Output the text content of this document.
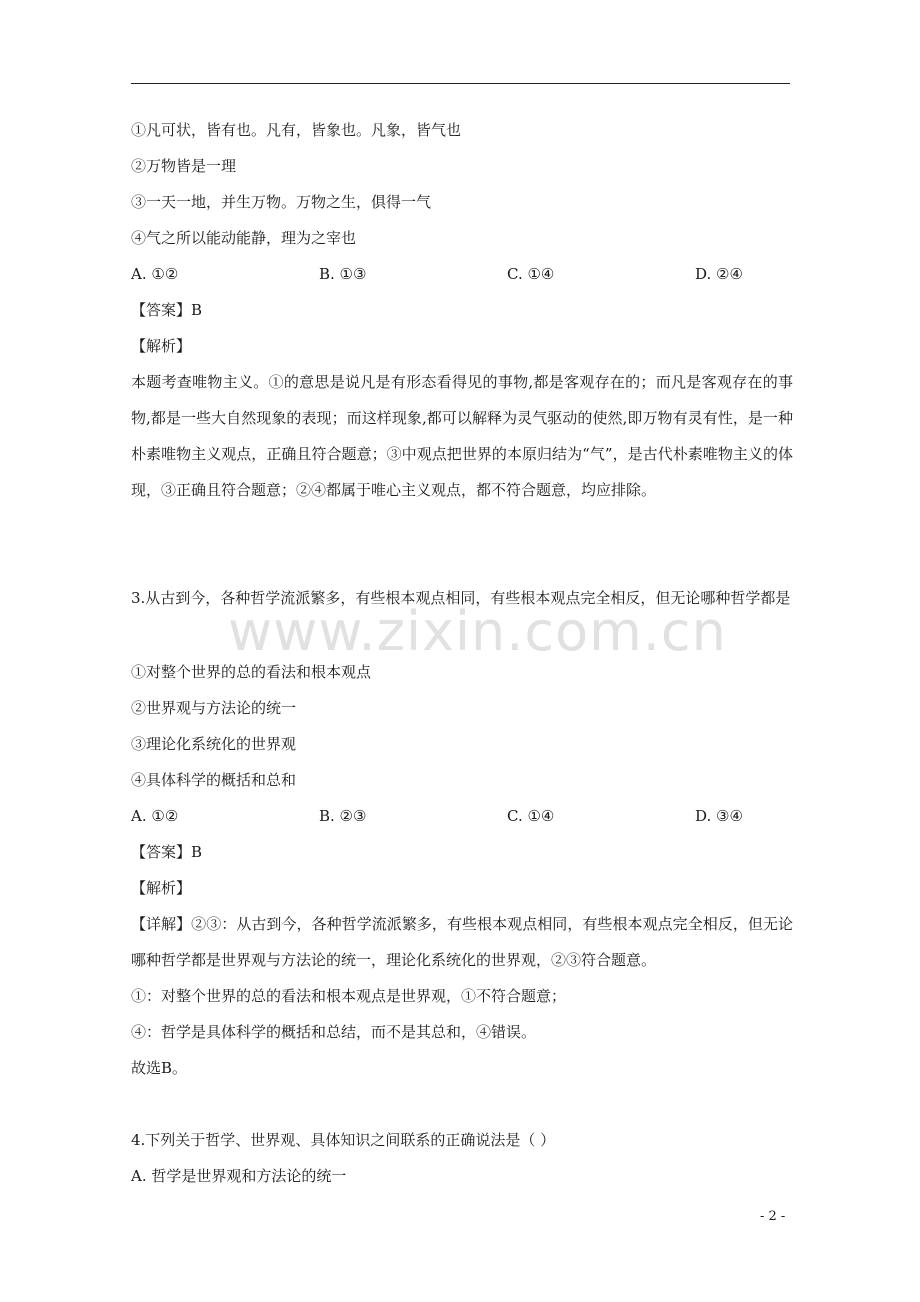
www.zixin.com.cn
①凡可状，皆有也。凡有，皆象也。凡象，皆气也
②万物皆是一理
③一天一地，并生万物。万物之生，俱得一气
④气之所以能动能静，理为之宰也
A. ①②	B. ①③	C. ①④	D. ②④
【答案】B
【解析】
本题考查唯物主义。①的意思是说凡是有形态看得见的事物,都是客观存在的；而凡是客观存在的事物,都是一些大自然现象的表现；而这样现象,都可以解释为灵气驱动的使然,即万物有灵有性，是一种朴素唯物主义观点，正确且符合题意；③中观点把世界的本原归结为“气”，是古代朴素唯物主义的体现，③正确且符合题意；②④都属于唯心主义观点，都不符合题意，均应排除。
3.从古到今，各种哲学流派繁多，有些根本观点相同，有些根本观点完全相反，但无论哪种哲学都是
①对整个世界的总的看法和根本观点
②世界观与方法论的统一
③理论化系统化的世界观
④具体科学的概括和总和
A. ①②	B. ②③	C. ①④	D. ③④
【答案】B
【解析】
【详解】②③：从古到今，各种哲学流派繁多，有些根本观点相同，有些根本观点完全相反，但无论哪种哲学都是世界观与方法论的统一，理论化系统化的世界观，②③符合题意。
①：对整个世界的总的看法和根本观点是世界观，①不符合题意；
④：哲学是具体科学的概括和总结，而不是其总和，④错误。
故选B。
4.下列关于哲学、世界观、具体知识之间联系的正确说法是（ ）
A. 哲学是世界观和方法论的统一
- 2 -
